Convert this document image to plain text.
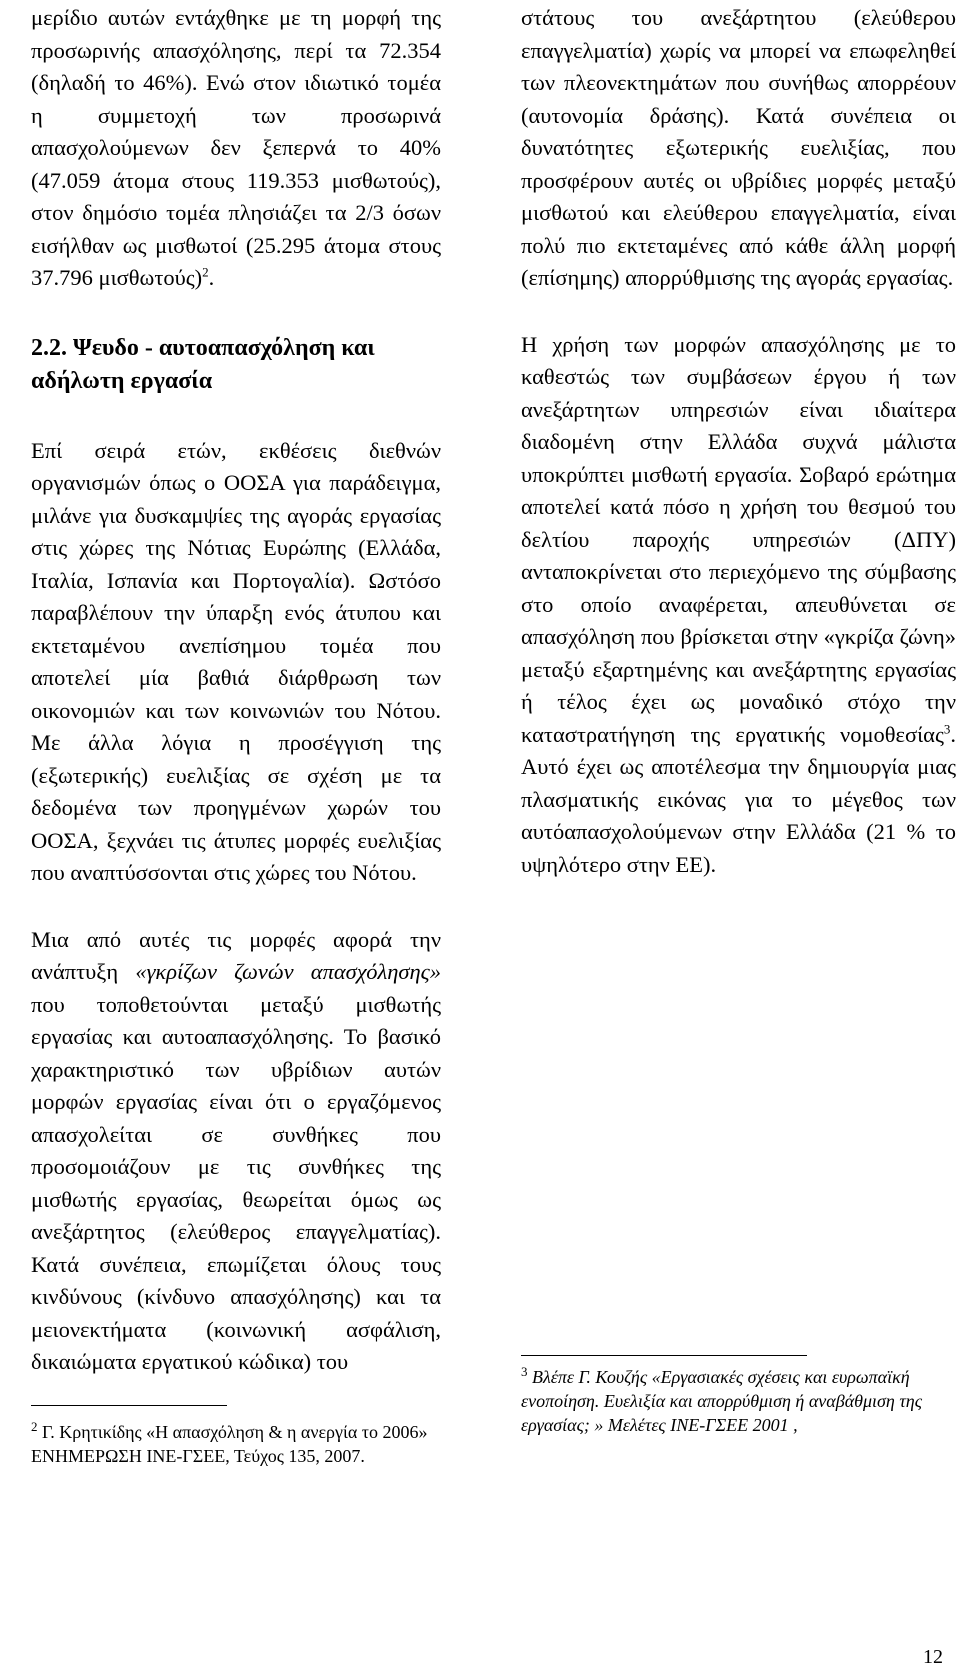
μερίδιο αυτών εντάχθηκε με τη μορφή της προσωρινής απασχόλησης, περί τα 72.354 (δηλαδή το 46%). Ενώ στον ιδιωτικό τομέα η συμμετοχή των προσωρινά απασχολούμενων δεν ξεπερνά το 40% (47.059 άτομα στους 119.353 μισθωτούς), στον δημόσιο τομέα πλησιάζει τα 2/3 όσων εισήλθαν ως μισθωτοί (25.295 άτομα στους 37.796 μισθωτούς)$^2$.

2.2. Ψευδο - αυτοαπασχόληση και αδήλωτη εργασία

Επί σειρά ετών, εκθέσεις διεθνών οργανισμών όπως ο ΟΟΣΑ για παράδειγμα, μιλάνε για δυσκαμψίες της αγοράς εργασίας στις χώρες της Νότιας Ευρώπης (Ελλάδα, Ιταλία, Ισπανία και Πορτογαλία). Ωστόσο παραβλέπουν την ύπαρξη ενός άτυπου και εκτεταμένου ανεπίσημου τομέα που αποτελεί μία βαθιά διάρθρωση των οικονομιών και των κοινωνιών του Νότου. Με άλλα λόγια η προσέγγιση της (εξωτερικής) ευελιξίας σε σχέση με τα δεδομένα των προηγμένων χωρών του ΟΟΣΑ, ξεχνάει τις άτυπες μορφές ευελιξίας που αναπτύσσονται στις χώρες του Νότου.

Μια από αυτές τις μορφές αφορά την ανάπτυξη «γκρίζων ζωνών απασχόλησης» που τοποθετούνται μεταξύ μισθωτής εργασίας και αυτοαπασχόλησης. Το βασικό χαρακτηριστικό των υβρίδιων αυτών μορφών εργασίας είναι ότι ο εργαζόμενος απασχολείται σε συνθήκες που προσομοιάζουν με τις συνθήκες της μισθωτής εργασίας, θεωρείται όμως ως ανεξάρτητος (ελεύθερος επαγγελματίας). Κατά συνέπεια, επωμίζεται όλους τους κινδύνους (κίνδυνο απασχόλησης) και τα μειονεκτήματα (κοινωνική ασφάλιση, δικαιώματα εργατικού κώδικα) του

$^2$ Γ. Κρητικίδης «Η απασχόληση & η ανεργία το 2006» ΕΝΗΜΕΡΩΣΗ ΙΝΕ-ΓΣΕΕ, Τεύχος 135, 2007.

στάτους του ανεξάρτητου (ελεύθερου επαγγελματία) χωρίς να μπορεί να επωφεληθεί των πλεονεκτημάτων που συνήθως απορρέουν (αυτονομία δράσης). Κατά συνέπεια οι δυνατότητες εξωτερικής ευελιξίας, που προσφέρουν αυτές οι υβρίδιες μορφές μεταξύ μισθωτού και ελεύθερου επαγγελματία, είναι πολύ πιο εκτεταμένες από κάθε άλλη μορφή (επίσημης) απορρύθμισης της αγοράς εργασίας.

Η χρήση των μορφών απασχόλησης με το καθεστώς των συμβάσεων έργου ή των ανεξάρτητων υπηρεσιών είναι ιδιαίτερα διαδομένη στην Ελλάδα συχνά μάλιστα υποκρύπτει μισθωτή εργασία. Σοβαρό ερώτημα αποτελεί κατά πόσο η χρήση του θεσμού του δελτίου παροχής υπηρεσιών (ΔΠΥ) ανταποκρίνεται στο περιεχόμενο της σύμβασης στο οποίο αναφέρεται, απευθύνεται σε απασχόληση που βρίσκεται στην «γκρίζα ζώνη» μεταξύ εξαρτημένης και ανεξάρτητης εργασίας ή τέλος έχει ως μοναδικό στόχο την καταστρατήγηση της εργατικής νομοθεσίας$^3$. Αυτό έχει ως αποτέλεσμα την δημιουργία μιας πλασματικής εικόνας για το μέγεθος των αυτόαπασχολούμενων στην Ελλάδα (21 % το υψηλότερο στην ΕΕ).

$^3$ Βλέπε Γ. Κουζής «Εργασιακές σχέσεις και ευρωπαϊκή ενοποίηση. Ευελιξία και απορρύθμιση ή αναβάθμιση της εργασίας; » Μελέτες ΙΝΕ-ΓΣΕΕ 2001 ,
12
